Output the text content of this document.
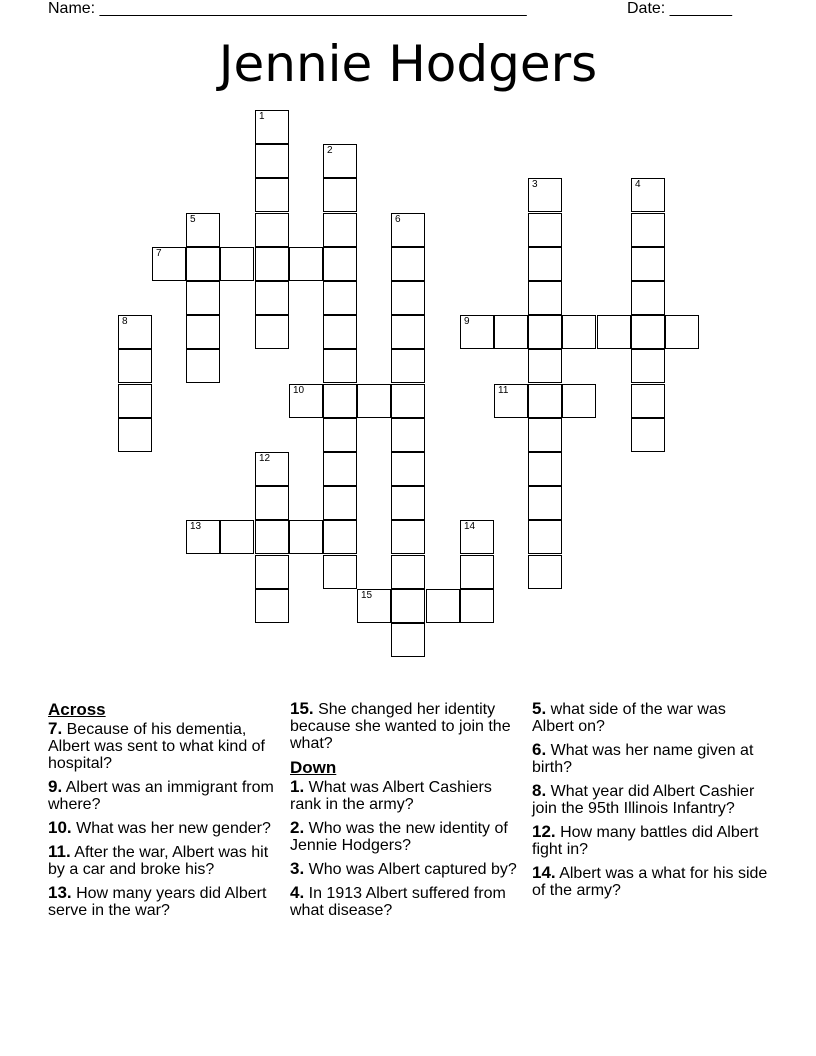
Name: ________________________________________________	Date: _______
Jennie Hodgers
1
2
3	4
5	6
7
8	9
10	11
12
13	14
15
Across
7. Because of his dementia, Albert was sent to what kind of hospital?
9. Albert was an immigrant from where?
10. What was her new gender?
11. After the war, Albert was hit by a car and broke his?
13. How many years did Albert serve in the war?
15. She changed her identity because she wanted to join the what?
Down
1. What was Albert Cashiers rank in the army?
2. Who was the new identity of Jennie Hodgers?
3. Who was Albert captured by?
4. In 1913 Albert suffered from what disease?
5. what side of the war was Albert on?
6. What was her name given at birth?
8. What year did Albert Cashier join the 95th Illinois Infantry?
12. How many battles did Albert fight in?
14. Albert was a what for his side of the army?
